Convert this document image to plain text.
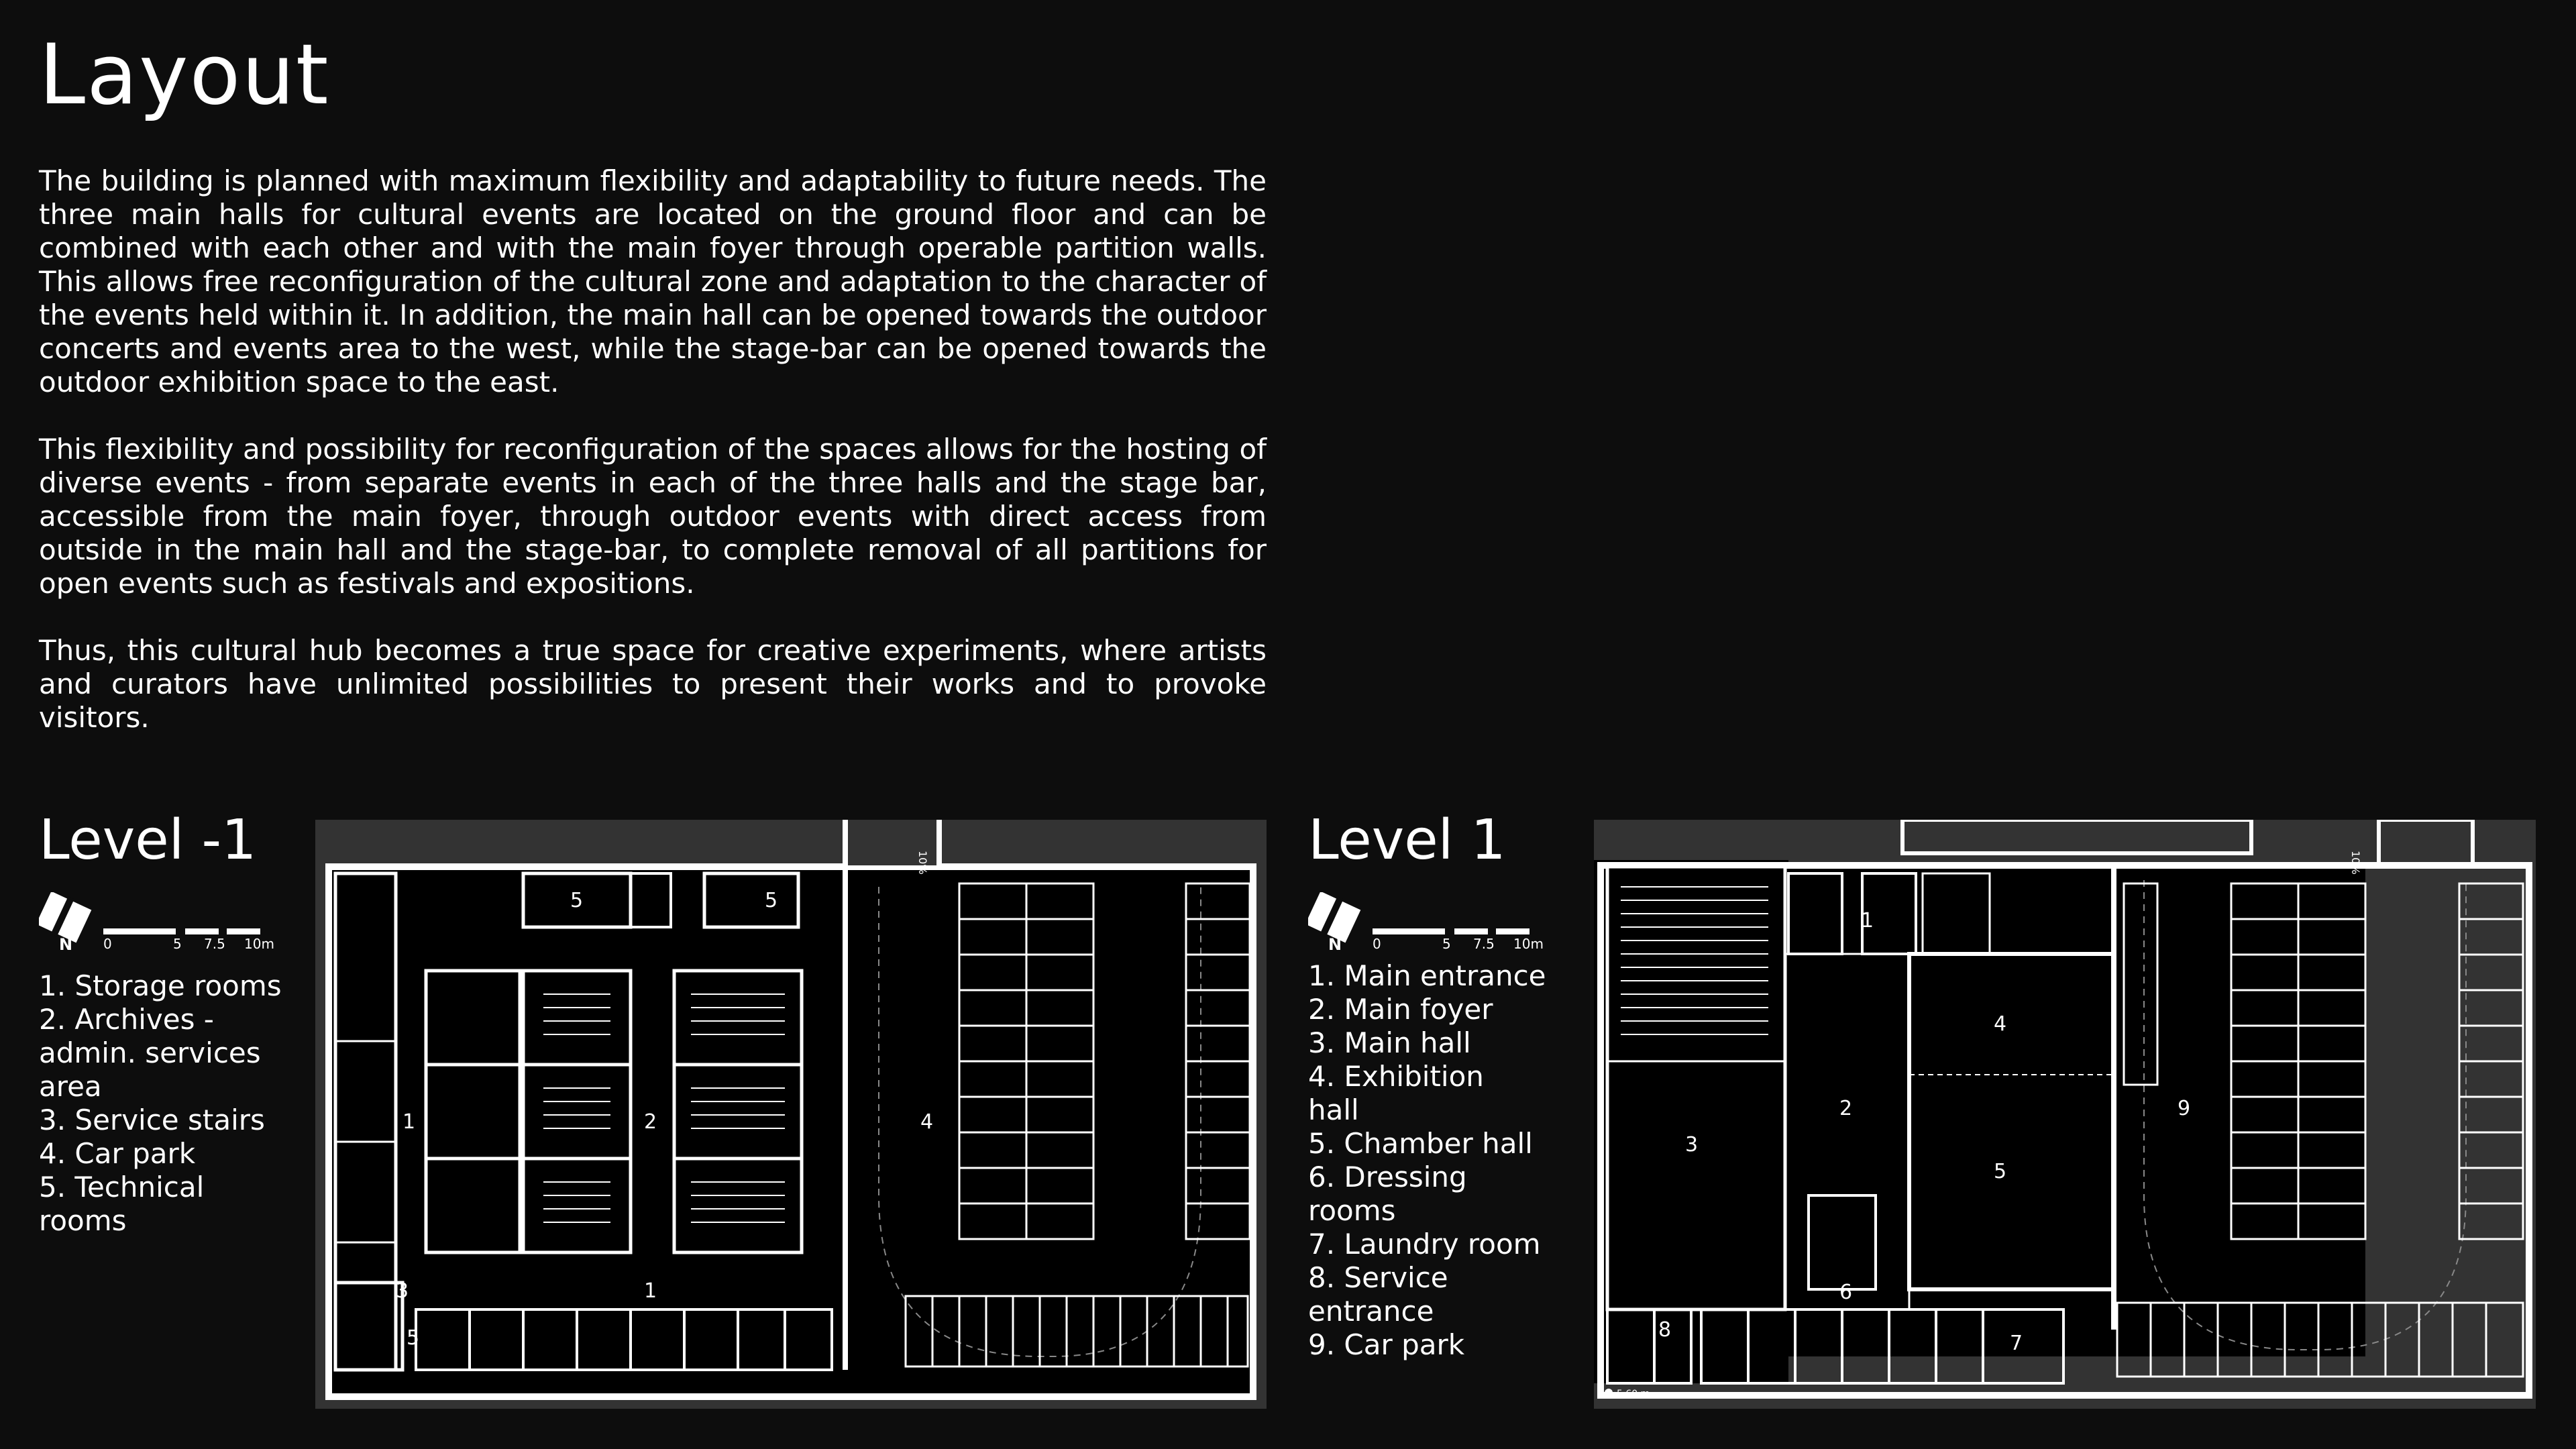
Layout

The building is planned with maximum flexibility and adaptability to future needs. The three main halls for cultural events are located on the ground floor and can be combined with each other and with the main foyer through operable partition walls. This allows free reconfiguration of the cultural zone and adaptation to the character of the events held within it. In addition, the main hall can be opened towards the outdoor concerts and events area to the west, while the stage-bar can be opened towards the outdoor exhibition space to the east.

This flexibility and possibility for reconfiguration of the spaces allows for the hosting of diverse events - from separate events in each of the three halls and the stage bar, accessible from the main foyer, through outdoor events with direct access from outside in the main hall and the stage-bar, to complete removal of all partitions for open events such as festivals and expositions.

Thus, this cultural hub becomes a true space for creative experiments, where artists and curators have unlimited possibilities to present their works and to provoke visitors.

Level -1
N 0	5 7.5 10m
1. Storage rooms
2. Archives -
admin. services
area
3. Service stairs
4. Car park
5. Technical
rooms
10%
5	5
1	2	4
3	1
5
Level 1
N 0	5 7.5 10m
1. Main entrance
2. Main foyer
3. Main hall
4. Exhibition
hall
5. Chamber hall
6. Dressing
rooms
7. Laundry room
8. Service
entrance
9. Car park
5.60 m
10%
1
2
3
4
5
6
7
8
9
